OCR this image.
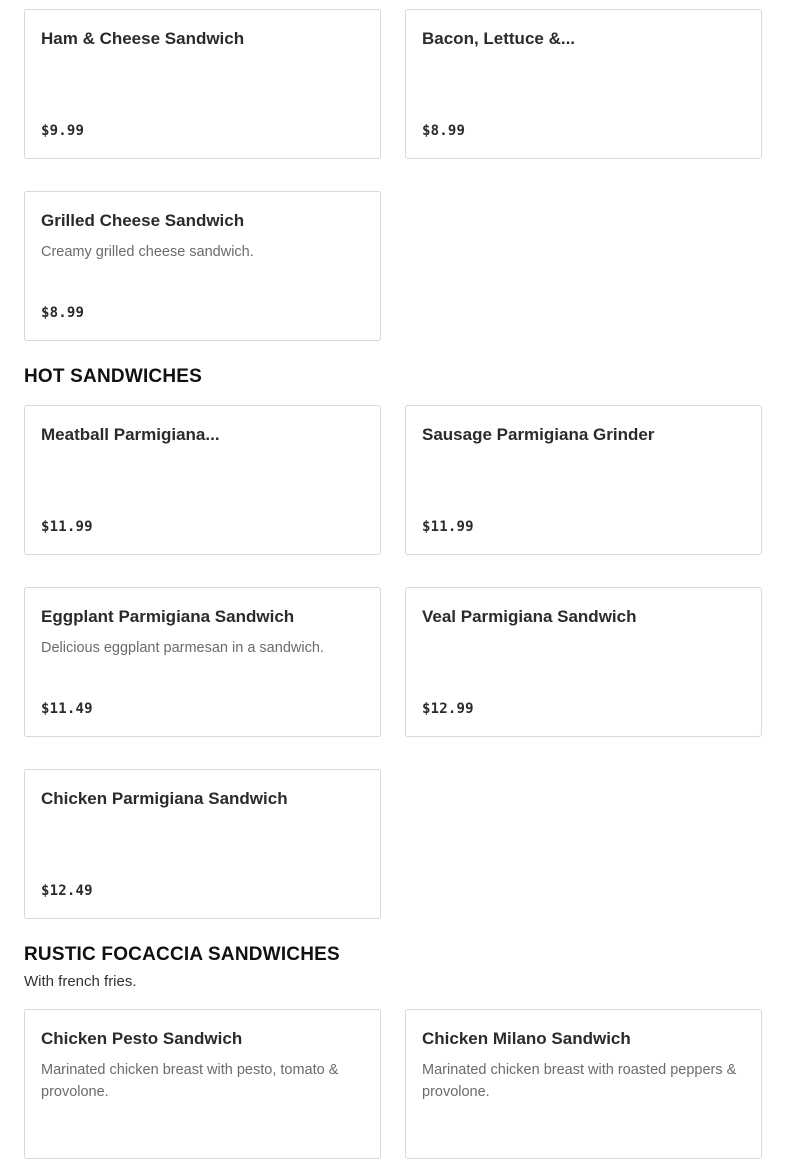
Ham & Cheese Sandwich
$9.99
Bacon, Lettuce &...
$8.99
Grilled Cheese Sandwich
Creamy grilled cheese sandwich.
$8.99
HOT SANDWICHES
Meatball Parmigiana...
$11.99
Sausage Parmigiana Grinder
$11.99
Eggplant Parmigiana Sandwich
Delicious eggplant parmesan in a sandwich.
$11.49
Veal Parmigiana Sandwich
$12.99
Chicken Parmigiana Sandwich
$12.49
RUSTIC FOCACCIA SANDWICHES
With french fries.
Chicken Pesto Sandwich
Marinated chicken breast with pesto, tomato & provolone.
Chicken Milano Sandwich
Marinated chicken breast with roasted peppers & provolone.
